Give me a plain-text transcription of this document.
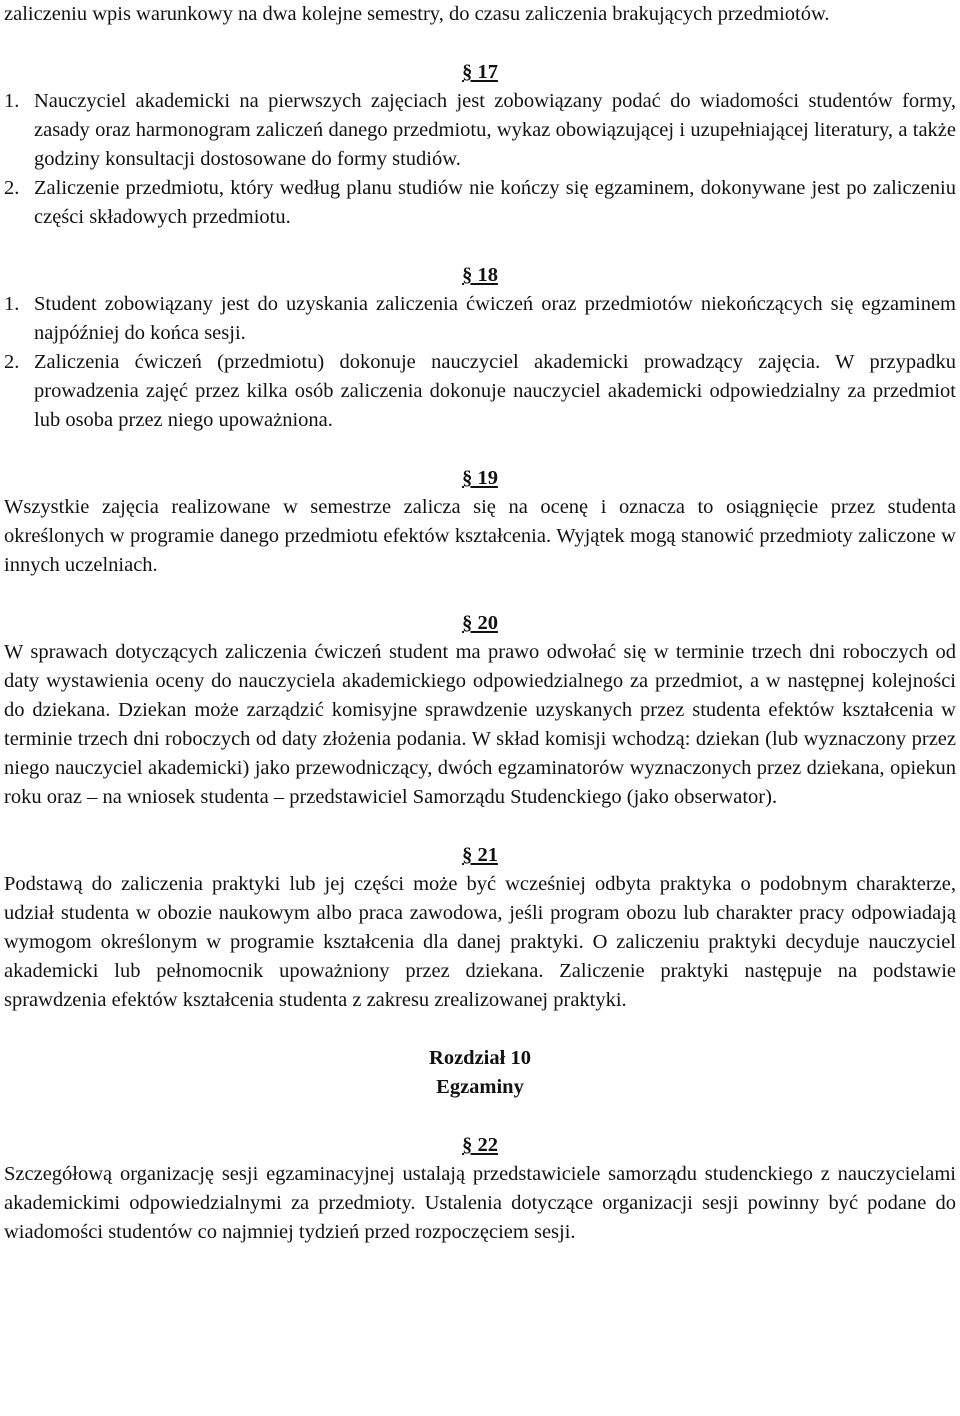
zaliczeniu wpis warunkowy na dwa kolejne semestry, do czasu zaliczenia brakujących przedmiotów.

§ 17

1. Nauczyciel akademicki na pierwszych zajęciach jest zobowiązany podać do wiadomości studentów formy, zasady oraz harmonogram zaliczeń danego przedmiotu, wykaz obowiązującej i uzupełniającej literatury, a także godziny konsultacji dostosowane do formy studiów.
2. Zaliczenie przedmiotu, który według planu studiów nie kończy się egzaminem, dokonywane jest po zaliczeniu części składowych przedmiotu.

§ 18

1. Student zobowiązany jest do uzyskania zaliczenia ćwiczeń oraz przedmiotów niekończących się egzaminem najpóźniej do końca sesji.
2. Zaliczenia ćwiczeń (przedmiotu) dokonuje nauczyciel akademicki prowadzący zajęcia. W przypadku prowadzenia zajęć przez kilka osób zaliczenia dokonuje nauczyciel akademicki odpowiedzialny za przedmiot lub osoba przez niego upoważniona.

§ 19

Wszystkie zajęcia realizowane w semestrze zalicza się na ocenę i oznacza to osiągnięcie przez studenta określonych w programie danego przedmiotu efektów kształcenia. Wyjątek mogą stanowić przedmioty zaliczone w innych uczelniach.

§ 20

W sprawach dotyczących zaliczenia ćwiczeń student ma prawo odwołać się w terminie trzech dni roboczych od daty wystawienia oceny do nauczyciela akademickiego odpowiedzialnego za przedmiot, a w następnej kolejności do dziekana. Dziekan może zarządzić komisyjne sprawdzenie uzyskanych przez studenta efektów kształcenia w terminie trzech dni roboczych od daty złożenia podania. W skład komisji wchodzą: dziekan (lub wyznaczony przez niego nauczyciel akademicki) jako przewodniczący, dwóch egzaminatorów wyznaczonych przez dziekana, opiekun roku oraz – na wniosek studenta – przedstawiciel Samorządu Studenckiego (jako obserwator).

§ 21

Podstawą do zaliczenia praktyki lub jej części może być wcześniej odbyta praktyka o podobnym charakterze, udział studenta w obozie naukowym albo praca zawodowa, jeśli program obozu lub charakter pracy odpowiadają wymogom określonym w programie kształcenia dla danej praktyki. O zaliczeniu praktyki decyduje nauczyciel akademicki lub pełnomocnik upoważniony przez dziekana. Zaliczenie praktyki następuje na podstawie sprawdzenia efektów kształcenia studenta z zakresu zrealizowanej praktyki.

Rozdział 10

Egzaminy

§ 22

Szczegółową organizację sesji egzaminacyjnej ustalają przedstawiciele samorządu studenckiego z nauczycielami akademickimi odpowiedzialnymi za przedmioty. Ustalenia dotyczące organizacji sesji powinny być podane do wiadomości studentów co najmniej tydzień przed rozpoczęciem sesji.
